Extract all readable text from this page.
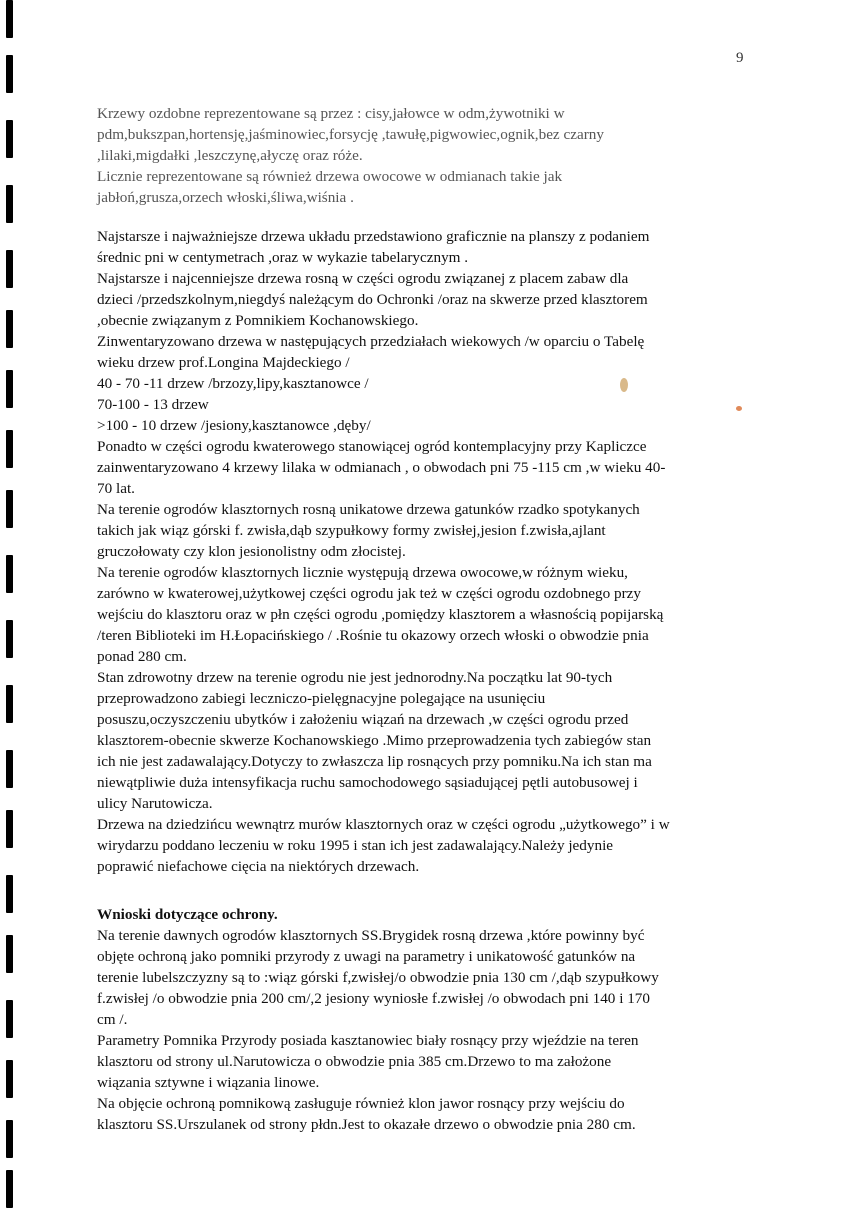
9
Krzewy ozdobne reprezentowane są przez : cisy,jałowce w odm,żywotniki w
pdm,bukszpan,hortensję,jaśminowiec,forsycję ,tawułę,pigwowiec,ognik,bez czarny
,lilaki,migdałki ,leszczynę,ałyczę oraz róże.
Licznie reprezentowane są również drzewa owocowe w odmianach takie jak
jabłoń,grusza,orzech włoski,śliwa,wiśnia .
Najstarsze i najważniejsze drzewa układu przedstawiono graficznie na planszy z podaniem
średnic pni w centymetrach ,oraz w wykazie tabelarycznym .
Najstarsze i najcenniejsze drzewa rosną w części ogrodu związanej z placem zabaw dla
dzieci /przedszkolnym,niegdyś należącym do Ochronki /oraz na skwerze przed klasztorem
,obecnie związanym z Pomnikiem Kochanowskiego.
Zinwentaryzowano drzewa w następujących przedziałach wiekowych /w oparciu o Tabelę
wieku drzew prof.Longina Majdeckiego /
40 - 70 -11 drzew /brzozy,lipy,kasztanowce /
70-100 - 13 drzew
>100 - 10 drzew /jesiony,kasztanowce ,dęby/
Ponadto w części ogrodu kwaterowego stanowiącej ogród kontemplacyjny przy Kapliczce
zainwentaryzowano 4 krzewy lilaka w odmianach , o obwodach pni 75 -115 cm ,w wieku 40-
70 lat.
Na terenie ogrodów klasztornych rosną unikatowe drzewa gatunków rzadko spotykanych
takich jak wiąz górski f. zwisła,dąb szypułkowy formy zwisłej,jesion f.zwisła,ajlant
gruczołowaty czy klon jesionolistny odm złocistej.
Na terenie ogrodów klasztornych licznie występują drzewa owocowe,w różnym wieku,
zarówno w kwaterowej,użytkowej części ogrodu jak też w części ogrodu ozdobnego przy
wejściu do klasztoru oraz w płn części ogrodu ,pomiędzy klasztorem a własnością popijarską
/teren Biblioteki im H.Łopacińskiego / .Rośnie tu okazowy orzech włoski o obwodzie pnia
ponad 280 cm.
Stan zdrowotny drzew na terenie ogrodu nie jest jednorodny.Na początku lat 90-tych
przeprowadzono zabiegi leczniczo-pielęgnacyjne polegające na usunięciu
posuszu,oczyszczeniu ubytków i założeniu wiązań na drzewach ,w części ogrodu przed
klasztorem-obecnie skwerze Kochanowskiego .Mimo przeprowadzenia tych zabiegów stan
ich nie jest zadawalający.Dotyczy to zwłaszcza lip rosnących przy pomniku.Na ich stan ma
niewątpliwie duża intensyfikacja ruchu samochodowego sąsiadującej pętli autobusowej i
ulicy Narutowicza.
Drzewa na dziedzińcu wewnątrz murów klasztornych oraz w części ogrodu „użytkowego” i w
wirydarzu poddano leczeniu w roku 1995 i stan ich jest zadawalający.Należy jedynie
poprawić niefachowe cięcia na niektórych drzewach.
Wnioski dotyczące ochrony.
Na terenie dawnych ogrodów klasztornych SS.Brygidek rosną drzewa ,które powinny być
objęte ochroną jako pomniki przyrody z uwagi na parametry i unikatowość gatunków na
terenie lubelszczyzny są to :wiąz górski f,zwisłej/o obwodzie pnia 130 cm /,dąb szypułkowy
f.zwisłej /o obwodzie pnia 200 cm/,2 jesiony wyniosłe f.zwisłej /o obwodach pni 140 i 170
cm /.
Parametry Pomnika Przyrody posiada kasztanowiec biały rosnący przy wjeździe na teren
klasztoru od strony ul.Narutowicza o obwodzie pnia 385 cm.Drzewo to ma założone
wiązania sztywne i wiązania linowe.
Na objęcie ochroną pomnikową zasługuje również klon jawor rosnący przy wejściu do
klasztoru SS.Urszulanek od strony płdn.Jest to okazałe drzewo o obwodzie pnia 280 cm.
